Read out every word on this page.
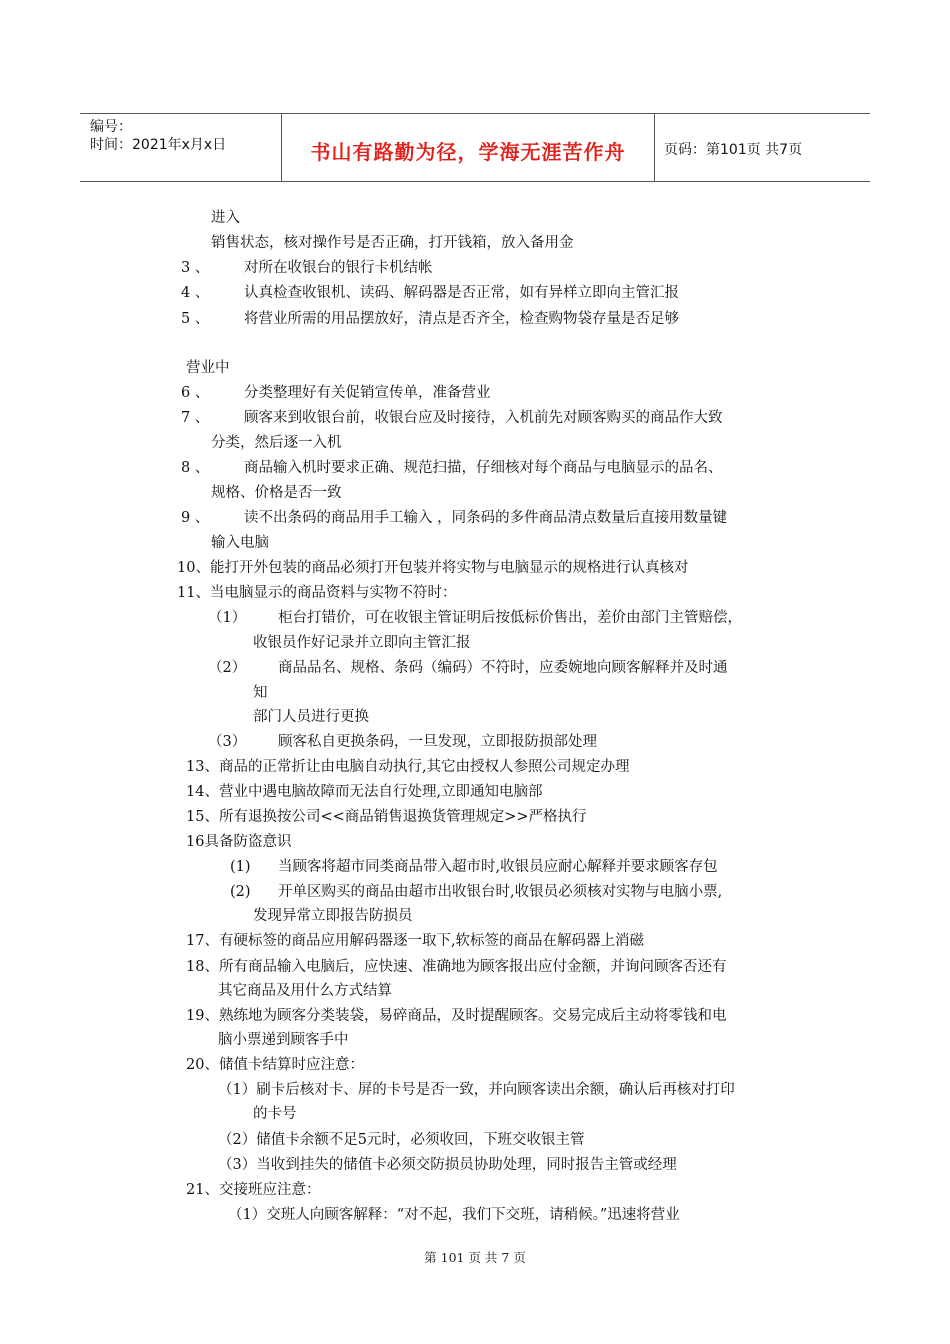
编号：
时间：2021年x月x日	书山有路勤为径，学海无涯苦作舟	页码：第101页 共7页
进入
销售状态，核对操作号是否正确，打开钱箱，放入备用金
3 、 对所在收银台的银行卡机结帐
4 、 认真检查收银机、读码、解码器是否正常，如有异样立即向主管汇报
5 、 将营业所需的用品摆放好，清点是否齐全，检查购物袋存量是否足够
营业中
6 、 分类整理好有关促销宣传单，准备营业
7 、 顾客来到收银台前，收银台应及时接待，入机前先对顾客购买的商品作大致
分类，然后逐一入机
8 、 商品输入机时要求正确、规范扫描，仔细核对每个商品与电脑显示的品名、
规格、价格是否一致
9 、 读不出条码的商品用手工输入 ，同条码的多件商品清点数量后直接用数量键
输入电脑
10、能打开外包装的商品必须打开包装并将实物与电脑显示的规格进行认真核对
11、当电脑显示的商品资料与实物不符时：
（1） 柜台打错价，可在收银主管证明后按低标价售出，差价由部门主管赔偿，
收银员作好记录并立即向主管汇报
（2） 商品品名、规格、条码（编码）不符时，应委婉地向顾客解释并及时通
知
部门人员进行更换
（3） 顾客私自更换条码，一旦发现，立即报防损部处理
13、商品的正常折让由电脑自动执行,其它由授权人参照公司规定办理
14、营业中遇电脑故障而无法自行处理,立即通知电脑部
15、所有退换按公司<<商品销售退换货管理规定>>严格执行
16具备防盗意识
(1) 当顾客将超市同类商品带入超市时,收银员应耐心解释并要求顾客存包
(2) 开单区购买的商品由超市出收银台时,收银员必须核对实物与电脑小票,
发现异常立即报告防损员
17、有硬标签的商品应用解码器逐一取下,软标签的商品在解码器上消磁
18、所有商品输入电脑后，应快速、准确地为顾客报出应付金额，并询问顾客否还有
其它商品及用什么方式结算
19、熟练地为顾客分类装袋，易碎商品，及时提醒顾客。交易完成后主动将零钱和电
脑小票递到顾客手中
20、储值卡结算时应注意：
（1）刷卡后核对卡、屏的卡号是否一致，并向顾客读出余额，确认后再核对打印
的卡号
（2）储值卡余额不足5元时，必须收回，下班交收银主管
（3）当收到挂失的储值卡必须交防损员协助处理，同时报告主管或经理
21、交接班应注意：
（1）交班人向顾客解释：“对不起，我们下交班，请稍候。”迅速将营业
第 101 页 共 7 页
